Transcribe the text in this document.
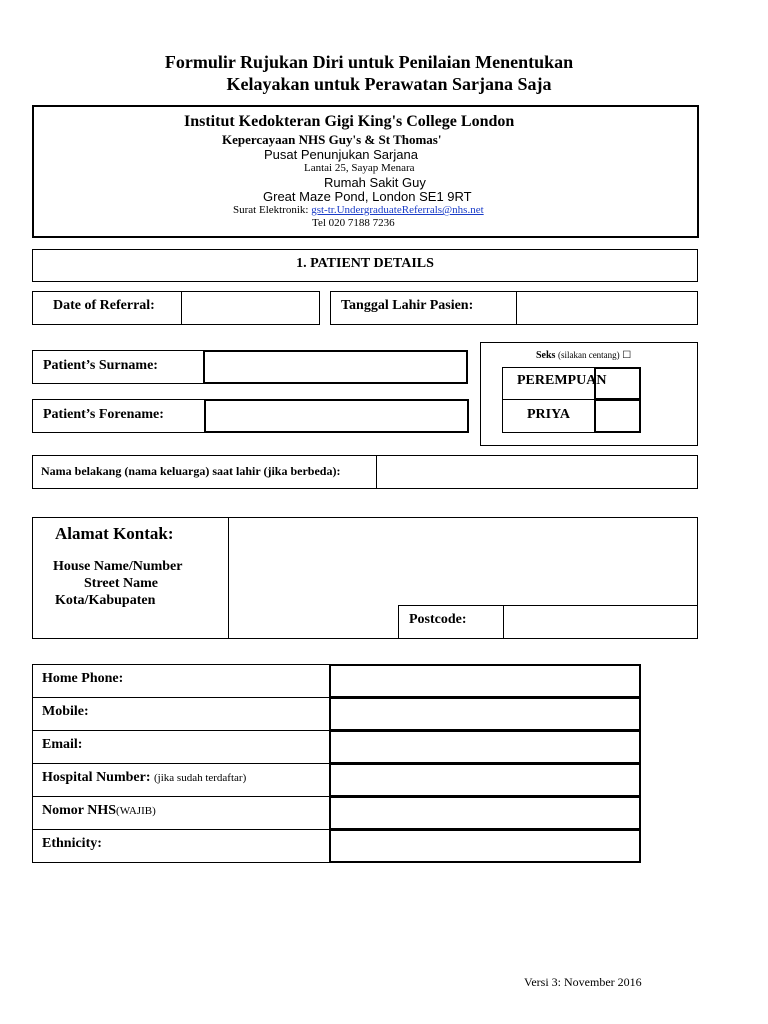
Formulir Rujukan Diri untuk Penilaian Menentukan
Kelayakan untuk Perawatan Sarjana Saja
Institut Kedokteran Gigi King's College London
Kepercayaan NHS Guy's & St Thomas'
Pusat Penunjukan Sarjana
Lantai 25, Sayap Menara
Rumah Sakit Guy
Great Maze Pond, London SE1 9RT
Surat Elektronik: gst-tr.UndergraduateReferrals@nhs.net
Tel 020 7188 7236
1. PATIENT DETAILS
Date of Referral:	Tanggal Lahir Pasien:
Patient’s Surname:
Patient’s Forename:
Seks (silakan centang) ☐
PEREMPUAN
PRIYA
Nama belakang (nama keluarga) saat lahir (jika berbeda):
Alamat Kontak:
House Name/Number
Street Name
Kota/Kabupaten
Postcode:
Home Phone:
Mobile:
Email:
Hospital Number: (jika sudah terdaftar)
Nomor NHS(WAJIB)
Ethnicity:
Versi 3: November 2016
